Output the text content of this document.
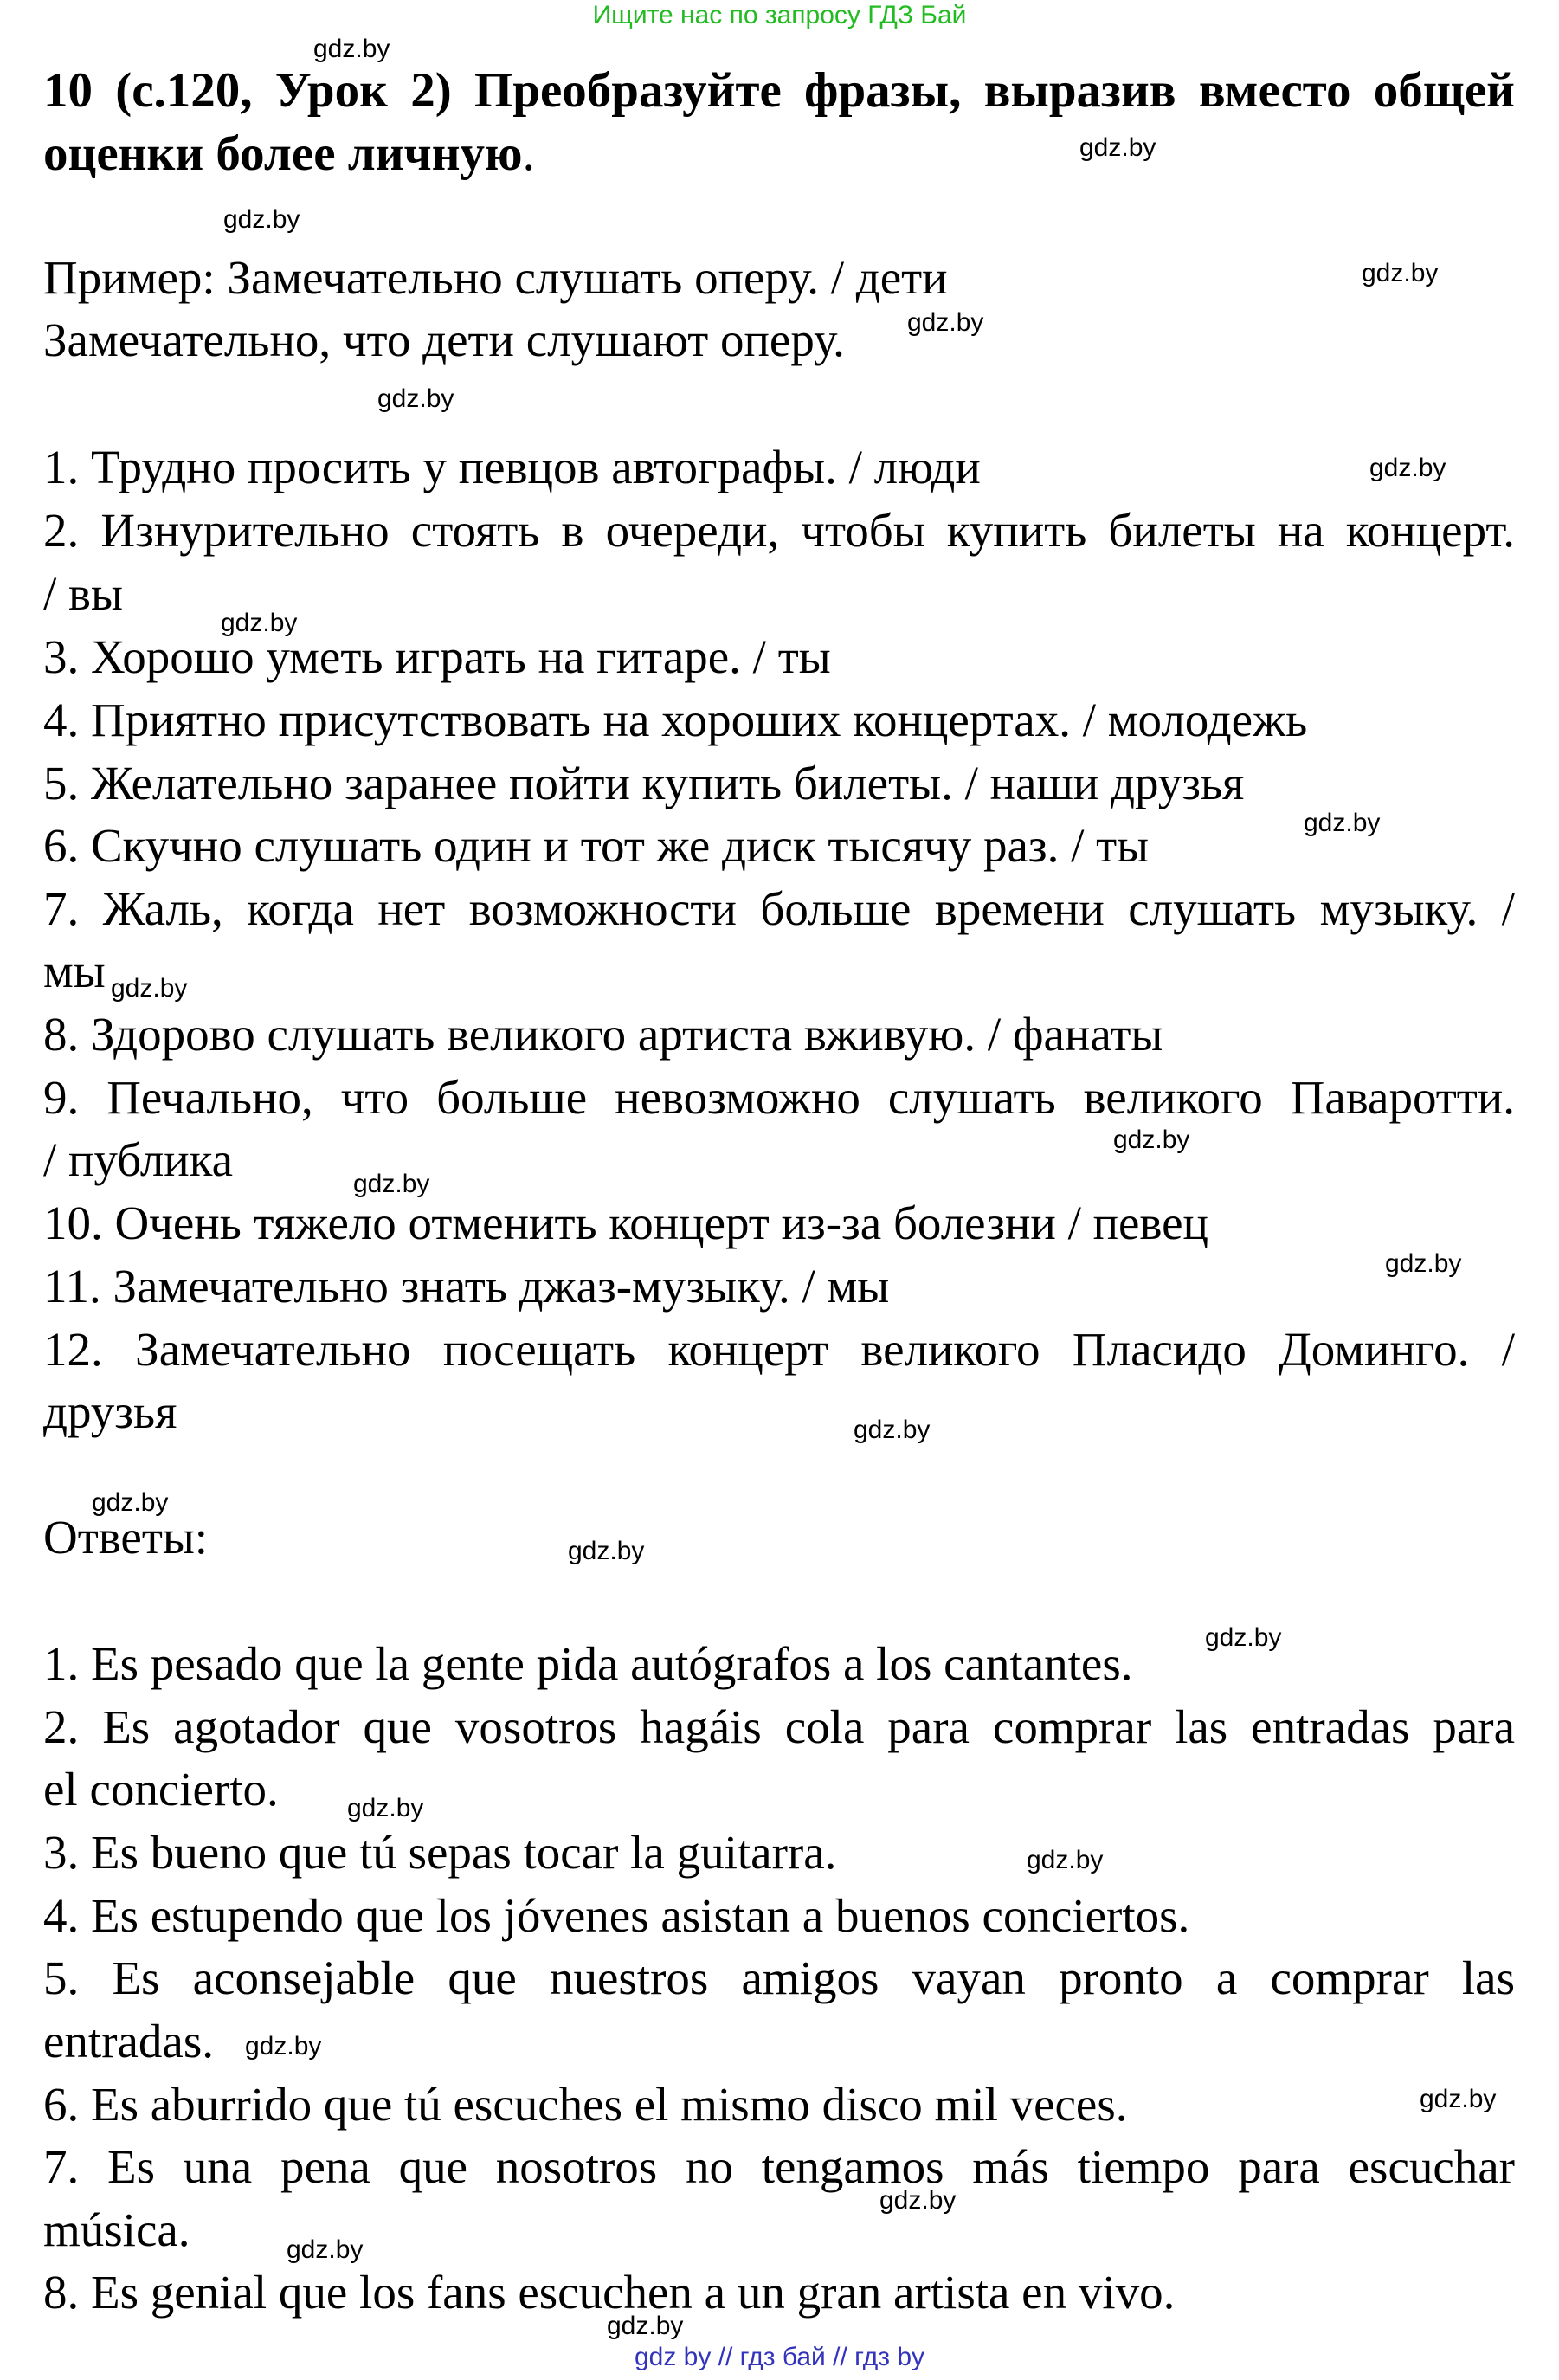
Ищите нас по запросу ГДЗ Бай
10 (с.120, Урок 2) Преобразуйте фразы, выразив вместо общей оценки более личную.
Пример: Замечательно слушать оперу. / дети
Замечательно, что дети слушают оперу.
1. Трудно просить у певцов автографы. / люди
2. Изнурительно стоять в очереди, чтобы купить билеты на концерт.
/ вы
3. Хорошо уметь играть на гитаре. / ты
4. Приятно присутствовать на хороших концертах. / молодежь
5. Желательно заранее пойти купить билеты. / наши друзья
6. Скучно слушать один и тот же диск тысячу раз. / ты
7. Жаль, когда нет возможности больше времени слушать музыку. /
мы
8. Здорово слушать великого артиста вживую. / фанаты
9. Печально, что больше невозможно слушать великого Паваротти.
/ публика
10. Очень тяжело отменить концерт из-за болезни / певец
11. Замечательно знать джаз-музыку. / мы
12. Замечательно посещать концерт великого Пласидо Доминго. /
друзья
Ответы:
1. Es pesado que la gente pida autógrafos a los cantantes.
2. Es agotador que vosotros hagáis cola para comprar las entradas para
el concierto.
3. Es bueno que tú sepas tocar la guitarra.
4. Es estupendo que los jóvenes asistan a buenos conciertos.
5. Es aconsejable que nuestros amigos vayan pronto a comprar las
entradas.
6. Es aburrido que tú escuches el mismo disco mil veces.
7. Es una pena que nosotros no tengamos más tiempo para escuchar
música.
8. Es genial que los fans escuchen a un gran artista en vivo.
gdz.by
gdz.by
gdz.by
gdz.by
gdz.by
gdz.by
gdz.by
gdz.by
gdz.by
gdz.by
gdz.by
gdz.by
gdz.by
gdz.by
gdz.by
gdz.by
gdz.by
gdz.by
gdz.by
gdz.by
gdz.by
gdz.by
gdz.by
gdz.by
gdz by // гдз бай // гдз by
